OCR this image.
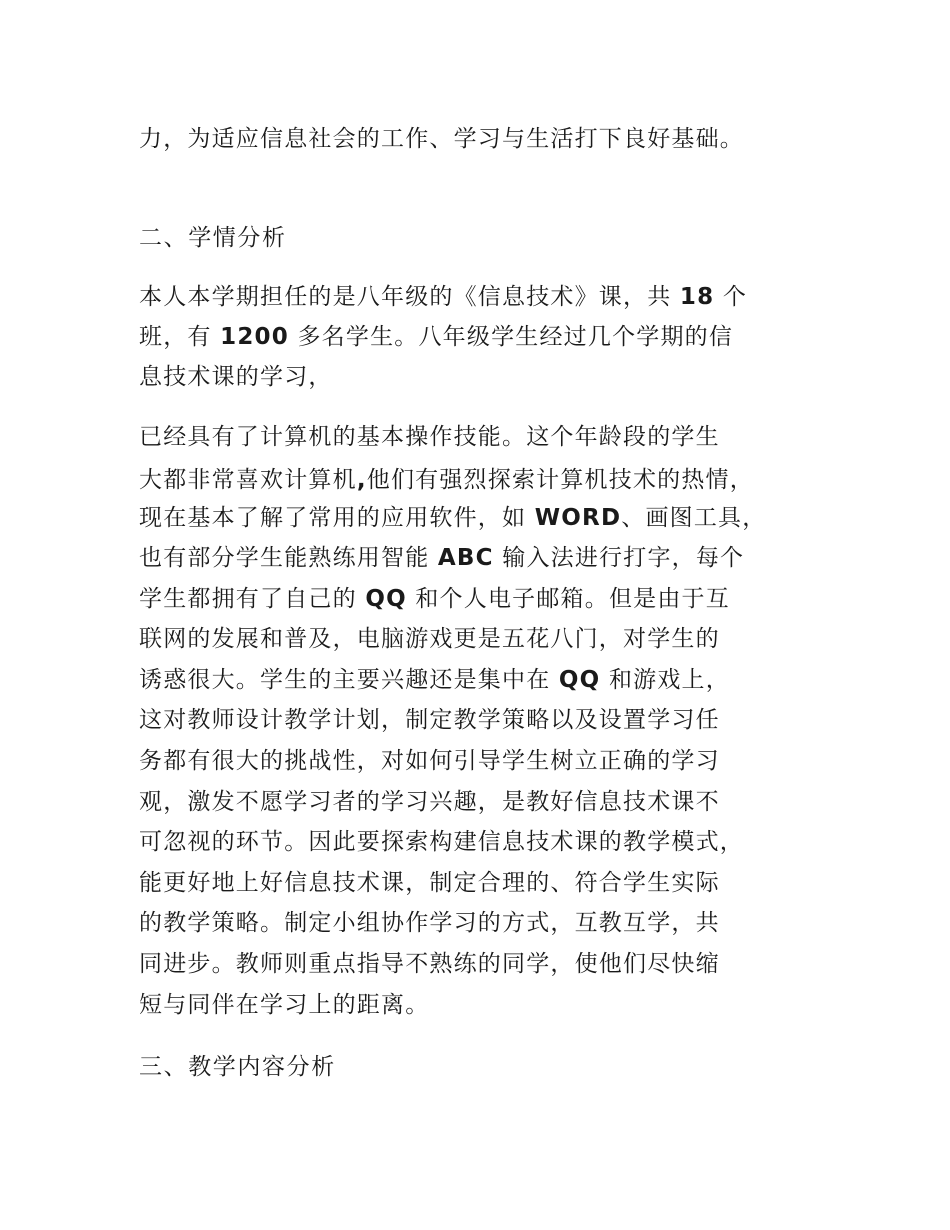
力，为适应信息社会的工作、学习与生活打下良好基础。
二、学情分析
本人本学期担任的是八年级的《信息技术》课，共 18 个
班，有 1200 多名学生。八年级学生经过几个学期的信
息技术课的学习，
已经具有了计算机的基本操作技能。这个年龄段的学生
大都非常喜欢计算机,他们有强烈探索计算机技术的热情，
现在基本了解了常用的应用软件，如 WORD、画图工具，
也有部分学生能熟练用智能 ABC 输入法进行打字，每个
学生都拥有了自己的 QQ 和个人电子邮箱。但是由于互
联网的发展和普及，电脑游戏更是五花八门，对学生的
诱惑很大。学生的主要兴趣还是集中在 QQ 和游戏上，
这对教师设计教学计划，制定教学策略以及设置学习任
务都有很大的挑战性，对如何引导学生树立正确的学习
观，激发不愿学习者的学习兴趣，是教好信息技术课不
可忽视的环节。因此要探索构建信息技术课的教学模式，
能更好地上好信息技术课，制定合理的、符合学生实际
的教学策略。制定小组协作学习的方式，互教互学，共
同进步。教师则重点指导不熟练的同学，使他们尽快缩
短与同伴在学习上的距离。
三、教学内容分析
